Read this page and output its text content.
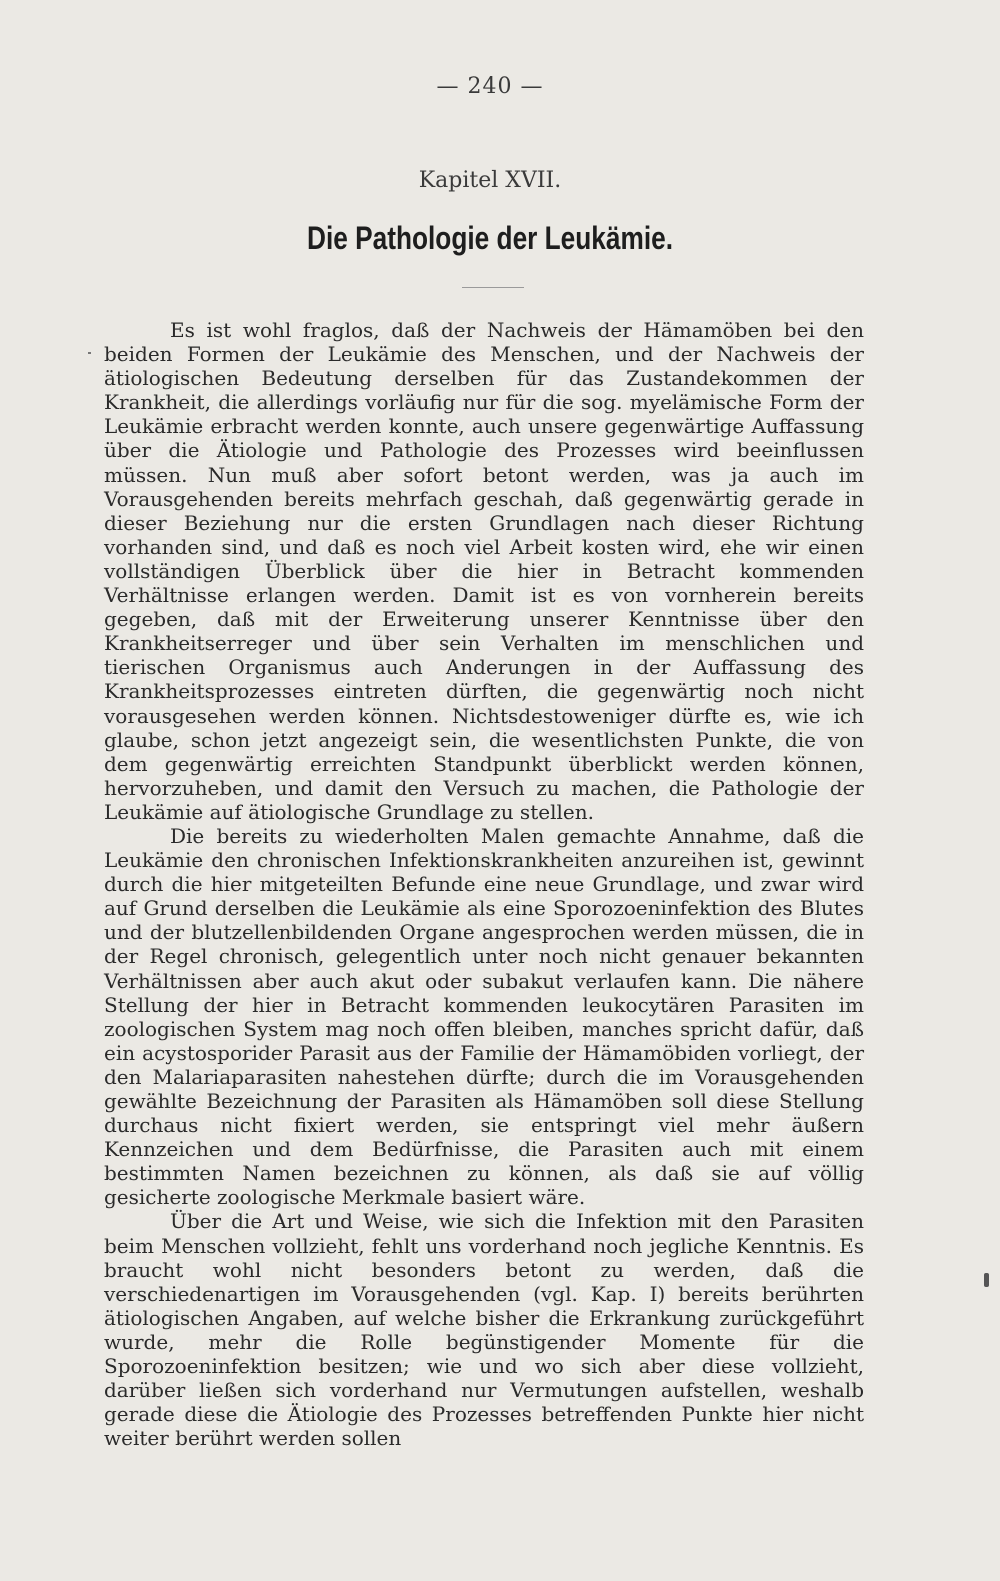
— 240 —
Kapitel XVII.
Die Pathologie der Leukämie.

Es ist wohl fraglos, daß der Nachweis der Hämamöben bei den beiden Formen der Leukämie des Menschen, und der Nachweis der ätiologischen Bedeutung derselben für das Zustandekommen der Krankheit, die allerdings vorläufig nur für die sog. myelämische Form der Leukämie erbracht werden konnte, auch unsere gegenwärtige Auffassung über die Ätiologie und Pathologie des Prozesses wird beeinflussen müssen. Nun muß aber sofort betont werden, was ja auch im Vorausgehenden bereits mehrfach geschah, daß gegenwärtig gerade in dieser Beziehung nur die ersten Grundlagen nach dieser Richtung vorhanden sind, und daß es noch viel Arbeit kosten wird, ehe wir einen vollständigen Überblick über die hier in Betracht kommenden Verhältnisse erlangen werden. Damit ist es von vornherein bereits gegeben, daß mit der Erweiterung unserer Kenntnisse über den Krankheitserreger und über sein Verhalten im menschlichen und tierischen Organismus auch Anderungen in der Auffassung des Krankheitsprozesses eintreten dürften, die gegenwärtig noch nicht vorausgesehen werden können. Nichtsdestoweniger dürfte es, wie ich glaube, schon jetzt angezeigt sein, die wesentlichsten Punkte, die von dem gegenwärtig erreichten Standpunkt überblickt werden können, hervorzuheben, und damit den Versuch zu machen, die Pathologie der Leukämie auf ätiologische Grundlage zu stellen.

Die bereits zu wiederholten Malen gemachte Annahme, daß die Leukämie den chronischen Infektionskrankheiten anzureihen ist, gewinnt durch die hier mitgeteilten Befunde eine neue Grundlage, und zwar wird auf Grund derselben die Leukämie als eine Sporozoeninfektion des Blutes und der blutzellenbildenden Organe angesprochen werden müssen, die in der Regel chronisch, gelegentlich unter noch nicht genauer bekannten Verhältnissen aber auch akut oder subakut verlaufen kann. Die nähere Stellung der hier in Betracht kommenden leukocytären Parasiten im zoologischen System mag noch offen bleiben, manches spricht dafür, daß ein acystosporider Parasit aus der Familie der Hämamöbiden vorliegt, der den Malariaparasiten nahestehen dürfte; durch die im Vorausgehenden gewählte Bezeichnung der Parasiten als Hämamöben soll diese Stellung durchaus nicht fixiert werden, sie entspringt viel mehr äußern Kennzeichen und dem Bedürfnisse, die Parasiten auch mit einem bestimmten Namen bezeichnen zu können, als daß sie auf völlig gesicherte zoologische Merkmale basiert wäre.

Über die Art und Weise, wie sich die Infektion mit den Parasiten beim Menschen vollzieht, fehlt uns vorderhand noch jegliche Kenntnis. Es braucht wohl nicht besonders betont zu werden, daß die verschiedenartigen im Vorausgehenden (vgl. Kap. I) bereits berührten ätiologischen Angaben, auf welche bisher die Erkrankung zurückgeführt wurde, mehr die Rolle begünstigender Momente für die Sporozoeninfektion besitzen; wie und wo sich aber diese vollzieht, darüber ließen sich vorderhand nur Vermutungen aufstellen, weshalb gerade diese die Ätiologie des Prozesses betreffenden Punkte hier nicht weiter berührt werden sollen
